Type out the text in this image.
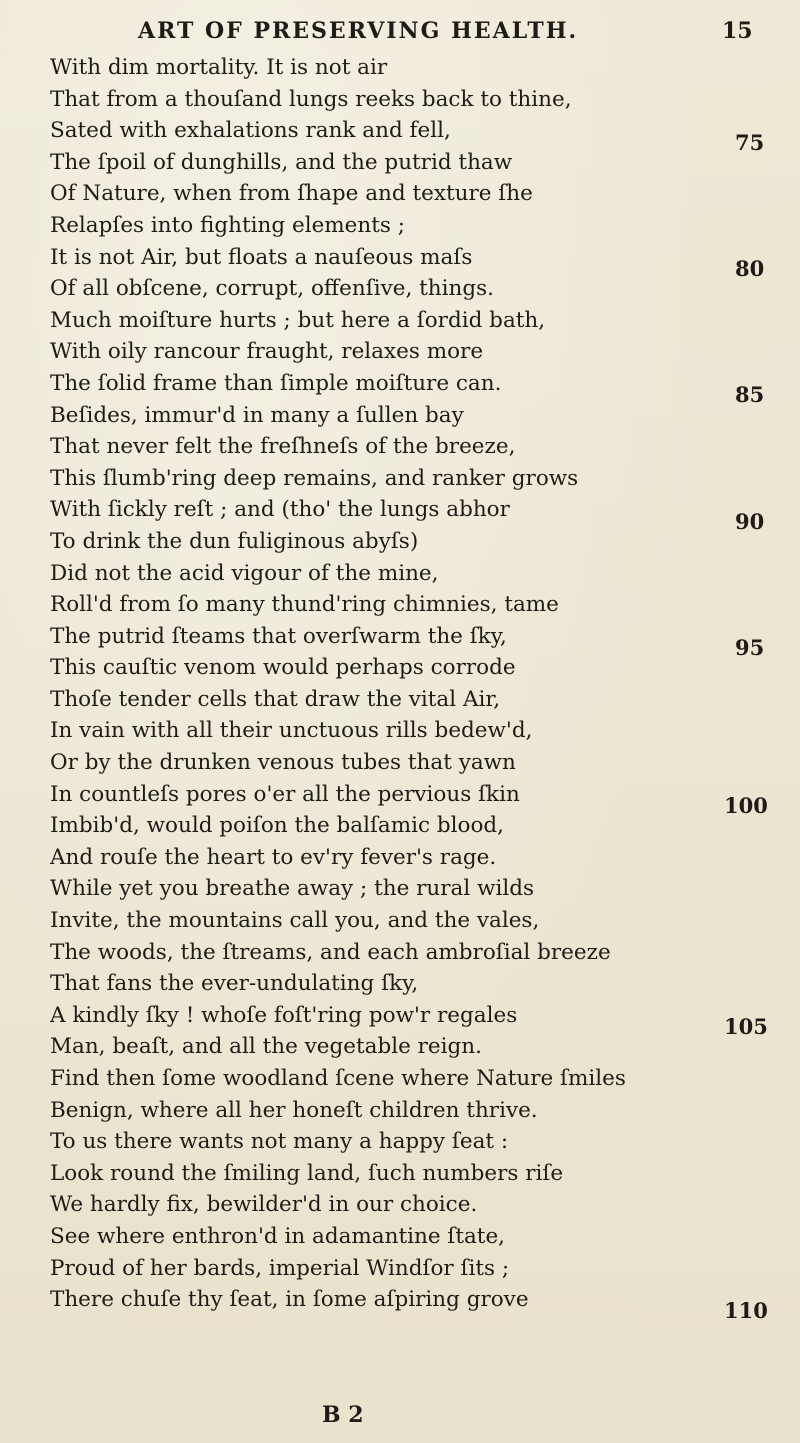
ART OF PRESERVING HEALTH.	15
With dim mortality. It is not air
That from a thouſand lungs reeks back to thine,
Sated with exhalations rank and fell,
The ſpoil of dunghills, and the putrid thaw
Of Nature, when from ſhape and texture ſhe
Relapſes into fighting elements ;
It is not Air, but floats a nauſeous maſs
Of all obſcene, corrupt, offenſive, things.
Much moiſture hurts ; but here a ſordid bath,
With oily rancour fraught, relaxes more
The ſolid frame than ſimple moiſture can.
Beſides, immur'd in many a ſullen bay
That never felt the freſhneſs of the breeze,
This ſlumb'ring deep remains, and ranker grows
With ſickly reſt ; and (tho' the lungs abhor
To drink the dun fuliginous abyſs)
Did not the acid vigour of the mine,
Roll'd from ſo many thund'ring chimnies, tame
The putrid ſteams that overſwarm the ſky,
This cauſtic venom would perhaps corrode
Thoſe tender cells that draw the vital Air,
In vain with all their unctuous rills bedew'd,
Or by the drunken venous tubes that yawn
In countleſs pores o'er all the pervious ſkin
Imbib'd, would poiſon the balſamic blood,
And rouſe the heart to ev'ry fever's rage.
While yet you breathe away ; the rural wilds
Invite, the mountains call you, and the vales,
The woods, the ſtreams, and each ambroſial breeze
That fans the ever-undulating ſky,
A kindly ſky ! whoſe foſt'ring pow'r regales
Man, beaſt, and all the vegetable reign.
Find then ſome woodland ſcene where Nature ſmiles
Benign, where all her honeſt children thrive.
To us there wants not many a happy ſeat :
Look round the ſmiling land, ſuch numbers riſe
We hardly fix, bewilder'd in our choice.
See where enthron'd in adamantine ſtate,
Proud of her bards, imperial Windſor ſits ;
There chuſe thy ſeat, in ſome aſpiring grove
75
80
85
90
95
100
105
110
B 2
